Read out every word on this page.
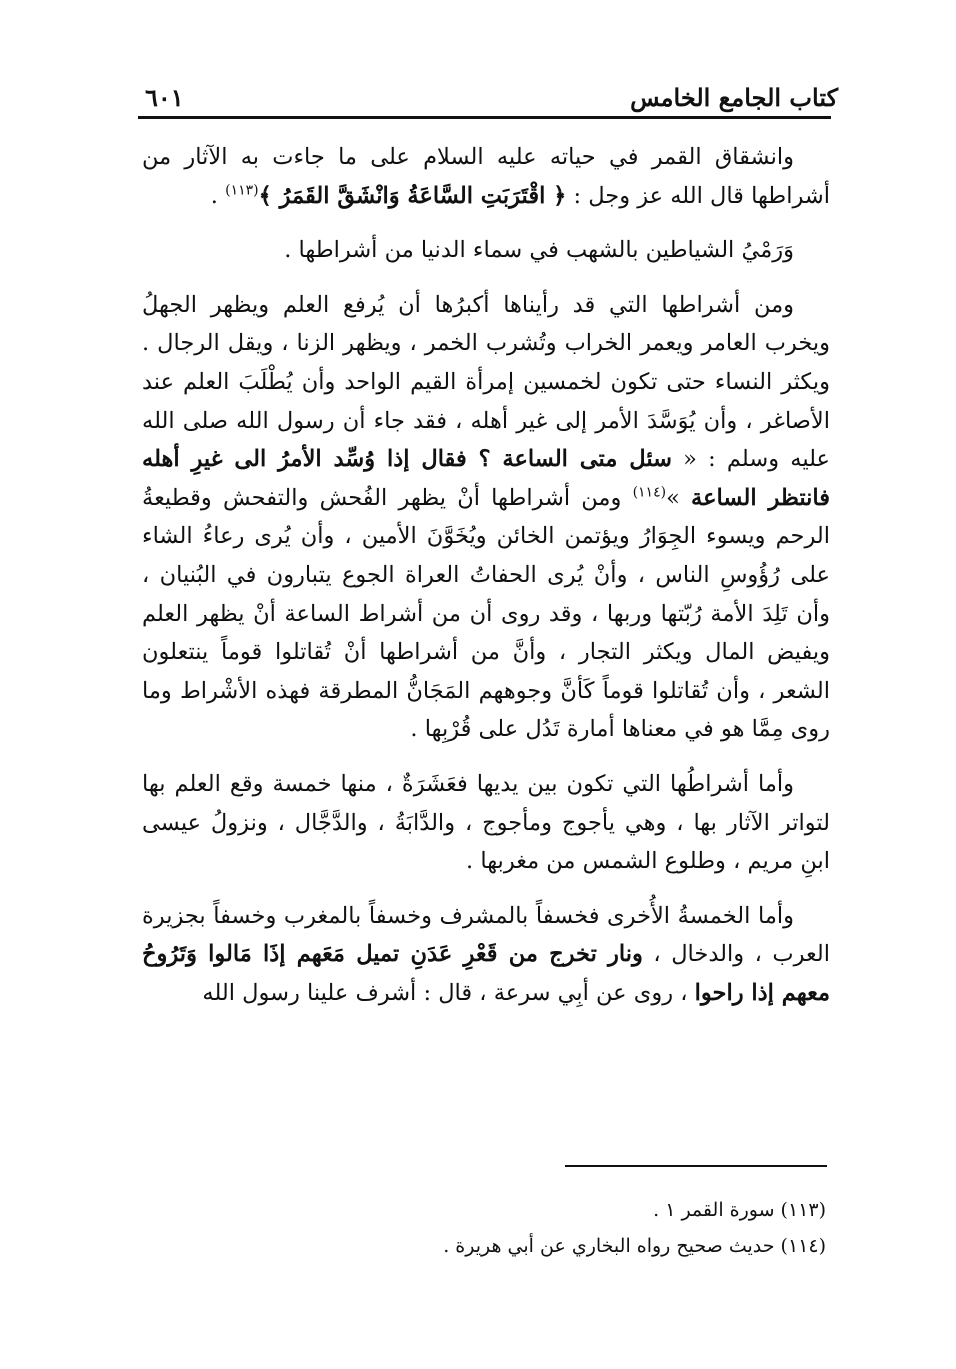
كتاب الجامع الخامس
٦٠١

وانشقاق القمر في حياته عليه السلام على ما جاءت به الآثار من أشراطها قال الله عز وجل : ﴿ اقْتَرَبَتِ السَّاعَةُ وَانْشَقَّ القَمَرُ ﴾$^{(١١٣)}$ .

وَرَمْيُ الشياطين بالشهب في سماء الدنيا من أشراطها .

ومن أشراطها التي قد رأيناها أكبرُها أن يُرفع العلم ويظهر الجهلُ ويخرب العامر ويعمر الخراب وتُشرب الخمر ، ويظهر الزنا ، ويقل الرجال . ويكثر النساء حتى تكون لخمسين إمرأة القيم الواحد وأن يُطْلَبَ العلم عند الأصاغر ، وأن يُوَسَّدَ الأمر إلى غير أهله ، فقد جاء أن رسول الله صلى الله عليه وسلم : « سئل متى الساعة ؟ فقال إذا وُسِّد الأمرُ الى غيرِ أهله فانتظر الساعة »$^{(١١٤)}$ ومن أشراطها أنْ يظهر الفُحش والتفحش وقطيعةُ الرحم ويسوء الجِوَارُ ويؤتمن الخائن ويُخَوَّنَ الأمين ، وأن يُرى رعاءُ الشاء على رُؤُوسِ الناس ، وأنْ يُرى الحفاتُ العراة الجوع يتبارون في البُنيان ، وأن تَلِدَ الأمة رُبّتها وربها ، وقد روى أن من أشراط الساعة أنْ يظهر العلم ويفيض المال ويكثر التجار ، وأنَّ من أشراطها أنْ تُقاتلوا قوماً ينتعلون الشعر ، وأن تُقاتلوا قوماً كَأنَّ وجوههم المَجَانُّ المطرقة فهذه الأشْراط وما روى مِمَّا هو في معناها أمارة تَدُل على قُرْبِها .

وأما أشراطُها التي تكون بين يديها فعَشَرَةٌ ، منها خمسة وقع العلم بها لتواتر الآثار بها ، وهي يأجوج ومأجوج ، والدَّابَةُ ، والدَّجَّال ، ونزولُ عيسى ابنِ مريم ، وطلوع الشمس من مغربها .

وأما الخمسةُ الأُخرى فخسفاً بالمشرف وخسفاً بالمغرب وخسفاً بجزيرة العرب ، والدخال ، ونار تخرج من قَعْرِ عَدَنِ تميل مَعَهم إذَا مَالوا وَتَرُوحُ معهم إذا راحوا ، روى عن أبِي سرعة ، قال : أشرف علينا رسول الله

(١١٣) سورة القمر ١ .
(١١٤) حديث صحيح رواه البخاري عن أبي هريرة .
